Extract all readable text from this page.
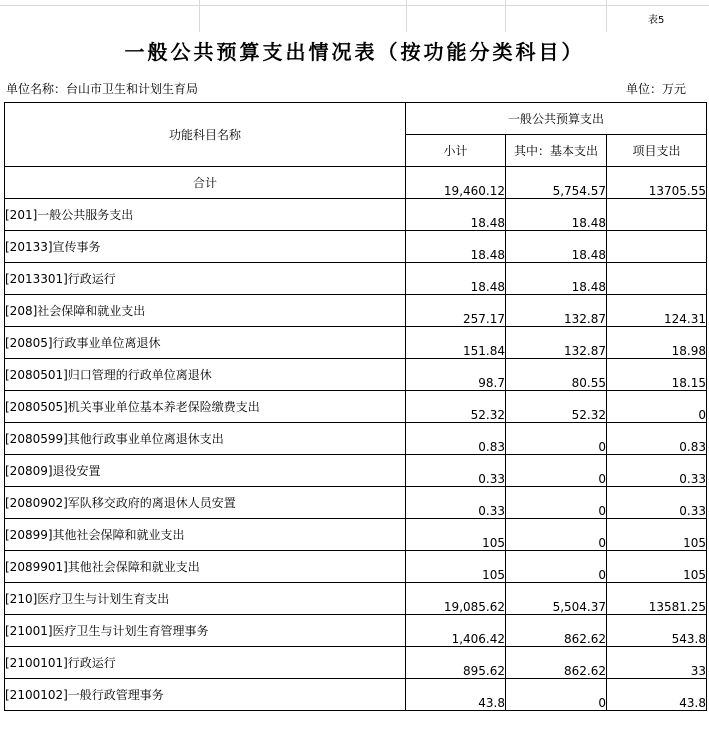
表5
一般公共预算支出情况表（按功能分类科目）
单位名称：台山市卫生和计划生育局	单位：万元
功能科目名称	一般公共预算支出		
	小计	其中：基本支出	项目支出
合计	19,460.12	5,754.57	13705.55
[201]一般公共服务支出	18.48	18.48	
[20133]宣传事务	18.48	18.48	
[2013301]行政运行	18.48	18.48	
[208]社会保障和就业支出	257.17	132.87	124.31
[20805]行政事业单位离退休	151.84	132.87	18.98
[2080501]归口管理的行政单位离退休	98.7	80.55	18.15
[2080505]机关事业单位基本养老保险缴费支出	52.32	52.32	0
[2080599]其他行政事业单位离退休支出	0.83	0	0.83
[20809]退役安置	0.33	0	0.33
[2080902]军队移交政府的离退休人员安置	0.33	0	0.33
[20899]其他社会保障和就业支出	105	0	105
[2089901]其他社会保障和就业支出	105	0	105
[210]医疗卫生与计划生育支出	19,085.62	5,504.37	13581.25
[21001]医疗卫生与计划生育管理事务	1,406.42	862.62	543.8
[2100101]行政运行	895.62	862.62	33
[2100102]一般行政管理事务	43.8	0	43.8
